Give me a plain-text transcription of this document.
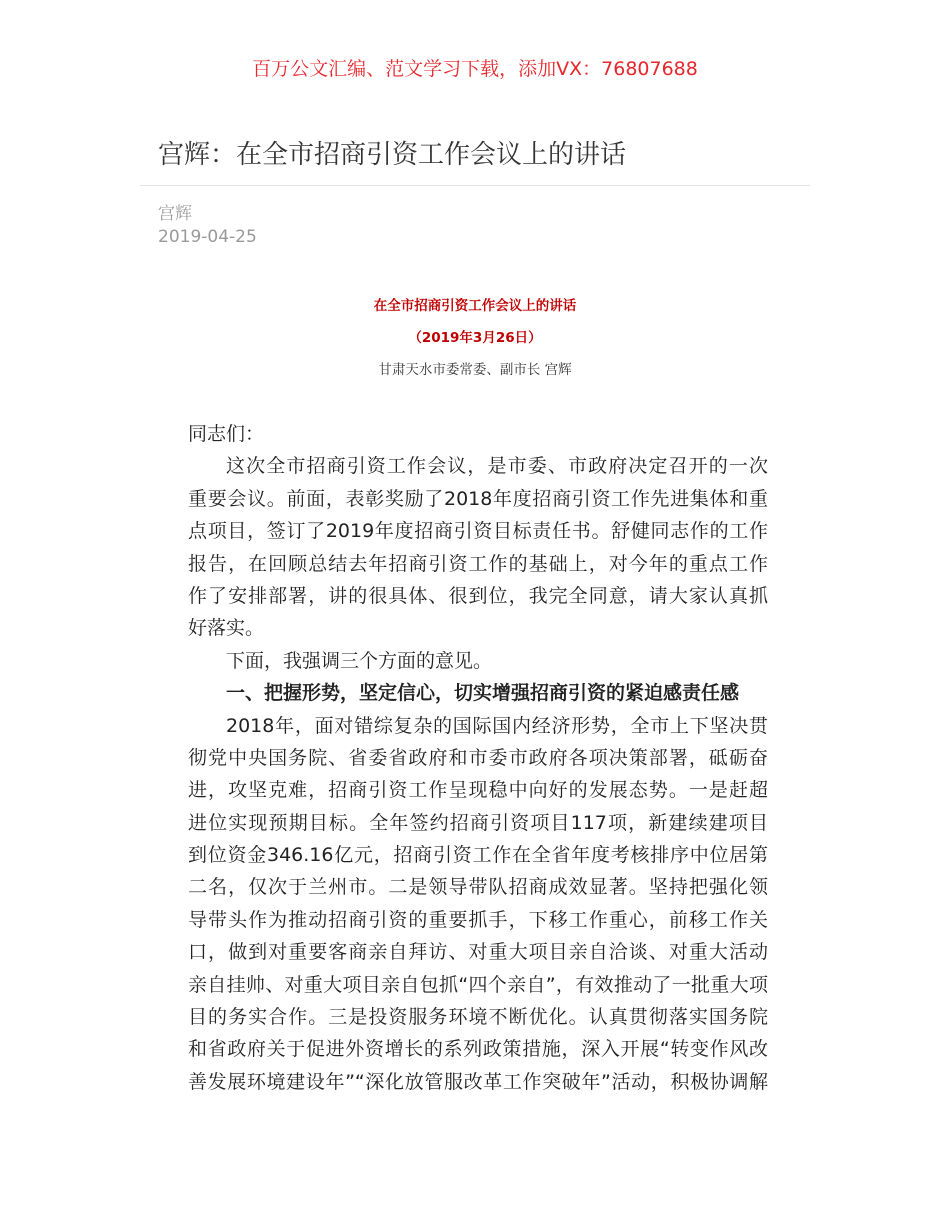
百万公文汇编、范文学习下载，添加VX：76807688
宫辉：在全市招商引资工作会议上的讲话
宫辉
2019-04-25
在全市招商引资工作会议上的讲话
（2019年3月26日）
甘肃天水市委常委、副市长 宫辉
同志们：
这次全市招商引资工作会议，是市委、市政府决定召开的一次
重要会议。前面，表彰奖励了2018年度招商引资工作先进集体和重
点项目，签订了2019年度招商引资目标责任书。舒健同志作的工作
报告，在回顾总结去年招商引资工作的基础上，对今年的重点工作
作了安排部署，讲的很具体、很到位，我完全同意，请大家认真抓
好落实。
下面，我强调三个方面的意见。
一、把握形势，坚定信心，切实增强招商引资的紧迫感责任感
2018年，面对错综复杂的国际国内经济形势，全市上下坚决贯
彻党中央国务院、省委省政府和市委市政府各项决策部署，砥砺奋
进，攻坚克难，招商引资工作呈现稳中向好的发展态势。一是赶超
进位实现预期目标。全年签约招商引资项目117项，新建续建项目
到位资金346.16亿元，招商引资工作在全省年度考核排序中位居第
二名，仅次于兰州市。二是领导带队招商成效显著。坚持把强化领
导带头作为推动招商引资的重要抓手，下移工作重心，前移工作关
口，做到对重要客商亲自拜访、对重大项目亲自洽谈、对重大活动
亲自挂帅、对重大项目亲自包抓“四个亲自”，有效推动了一批重大项
目的务实合作。三是投资服务环境不断优化。认真贯彻落实国务院
和省政府关于促进外资增长的系列政策措施，深入开展“转变作风改
善发展环境建设年”“深化放管服改革工作突破年”活动，积极协调解
